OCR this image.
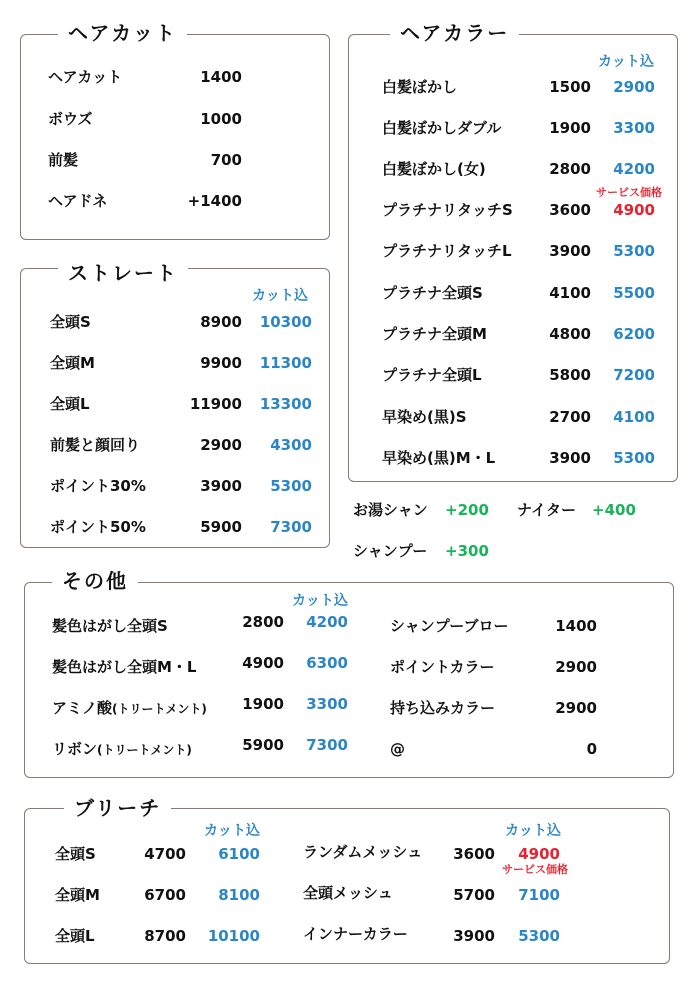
ヘアカット
ヘアカット	1400
ボウズ	1000
前髪	700
ヘアドネ	+1400
ストレート
カット込
全頭S	8900	10300
全頭M	9900	11300
全頭L	11900	13300
前髪と顔回り	2900	4300
ポイント30%	3900	5300
ポイント50%	5900	7300
ヘアカラー
カット込
白髪ぼかし	1500	2900
白髪ぼかしダブル	1900	3300
白髪ぼかし(女)	2800	4200
サービス価格
プラチナリタッチS	3600	4900
プラチナリタッチL	3900	5300
プラチナ全頭S	4100	5500
プラチナ全頭M	4800	6200
プラチナ全頭L	5800	7200
早染め(黒)S	2700	4100
早染め(黒)M・L	3900	5300
お湯シャン +200 ナイター +400
シャンプー +300
その他
カット込
髪色はがし全頭S	2800	4200
髪色はがし全頭M・L	4900	6300
アミノ酸(トリートメント)	1900	3300
リボン(トリートメント)	5900	7300
シャンプーブロー	1400
ポイントカラー	2900
持ち込みカラー	2900
@	0
ブリーチ
カット込	カット込
全頭S	4700	6100
全頭M	6700	8100
全頭L	8700	10100
ランダムメッシュ	3600	4900
サービス価格
全頭メッシュ	5700	7100
インナーカラー	3900	5300
